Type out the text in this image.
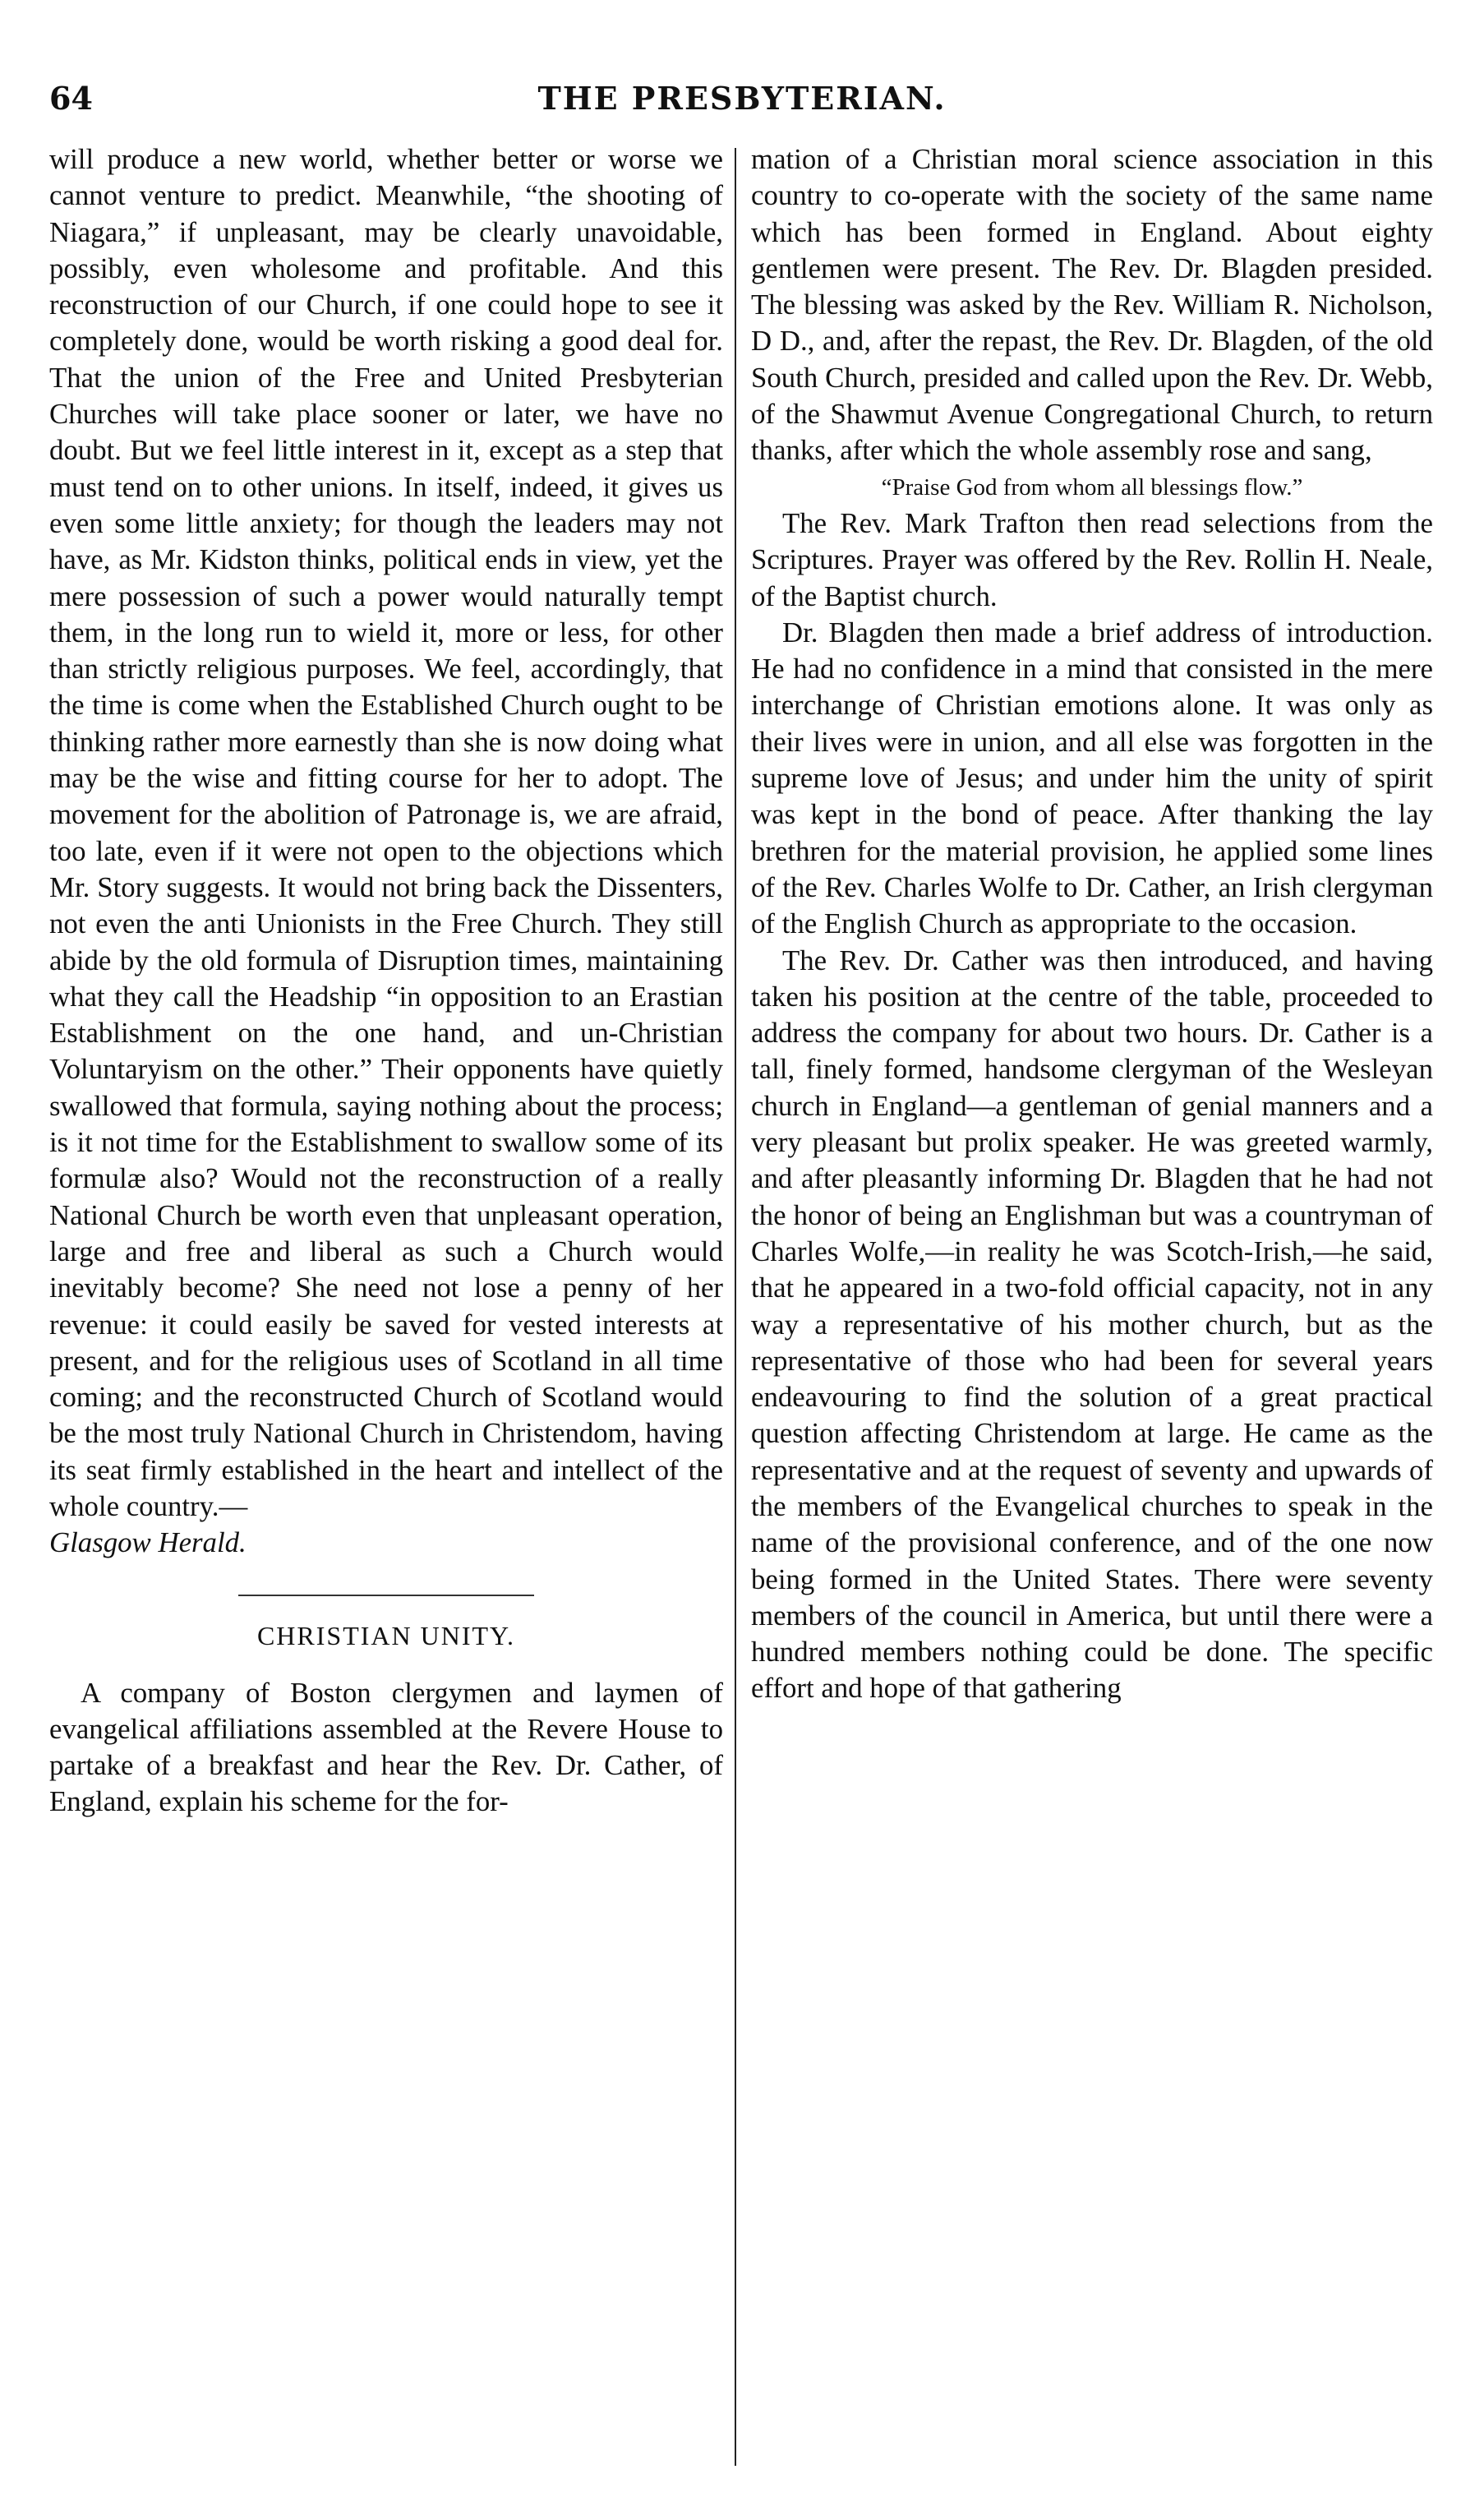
64	THE PRESBYTERIAN.

will produce a new world, whether better or worse we cannot venture to predict. Meanwhile, “the shooting of Niagara,” if unpleasant, may be clearly unavoidable, possibly, even wholesome and profitable. And this reconstruction of our Church, if one could hope to see it completely done, would be worth risking a good deal for. That the union of the Free and United Presbyterian Churches will take place sooner or later, we have no doubt. But we feel little interest in it, except as a step that must tend on to other unions. In itself, indeed, it gives us even some little anxiety; for though the leaders may not have, as Mr. Kidston thinks, political ends in view, yet the mere possession of such a power would naturally tempt them, in the long run to wield it, more or less, for other than strictly religious purposes. We feel, accordingly, that the time is come when the Established Church ought to be thinking rather more earnestly than she is now doing what may be the wise and fitting course for her to adopt. The movement for the abolition of Patronage is, we are afraid, too late, even if it were not open to the objections which Mr. Story suggests. It would not bring back the Dissenters, not even the anti Unionists in the Free Church. They still abide by the old formula of Disruption times, maintaining what they call the Headship “in opposition to an Erastian Establishment on the one hand, and un-Christian Voluntaryism on the other.” Their opponents have quietly swallowed that formula, saying nothing about the process; is it not time for the Establishment to swallow some of its formulæ also? Would not the reconstruction of a really National Church be worth even that unpleasant operation, large and free and liberal as such a Church would inevitably become? She need not lose a penny of her revenue: it could easily be saved for vested interests at present, and for the religious uses of Scotland in all time coming; and the reconstructed Church of Scotland would be the most truly National Church in Christendom, having its seat firmly established in the heart and intellect of the whole country.—

Glasgow Herald.

CHRISTIAN UNITY.

A company of Boston clergymen and laymen of evangelical affiliations assembled at the Revere House to partake of a breakfast and hear the Rev. Dr. Cather, of England, explain his scheme for the for-

mation of a Christian moral science association in this country to co-operate with the society of the same name which has been formed in England. About eighty gentlemen were present. The Rev. Dr. Blagden presided. The blessing was asked by the Rev. William R. Nicholson, D D., and, after the repast, the Rev. Dr. Blagden, of the old South Church, presided and called upon the Rev. Dr. Webb, of the Shawmut Avenue Congregational Church, to return thanks, after which the whole assembly rose and sang,

“Praise God from whom all blessings flow.”

The Rev. Mark Trafton then read selections from the Scriptures. Prayer was offered by the Rev. Rollin H. Neale, of the Baptist church.

Dr. Blagden then made a brief address of introduction. He had no confidence in a mind that consisted in the mere interchange of Christian emotions alone. It was only as their lives were in union, and all else was forgotten in the supreme love of Jesus; and under him the unity of spirit was kept in the bond of peace. After thanking the lay brethren for the material provision, he applied some lines of the Rev. Charles Wolfe to Dr. Cather, an Irish clergyman of the English Church as appropriate to the occasion.

The Rev. Dr. Cather was then introduced, and having taken his position at the centre of the table, proceeded to address the company for about two hours. Dr. Cather is a tall, finely formed, handsome clergyman of the Wesleyan church in England—a gentleman of genial manners and a very pleasant but prolix speaker. He was greeted warmly, and after pleasantly informing Dr. Blagden that he had not the honor of being an Englishman but was a countryman of Charles Wolfe,—in reality he was Scotch-Irish,—he said, that he appeared in a two-fold official capacity, not in any way a representative of his mother church, but as the representative of those who had been for several years endeavouring to find the solution of a great practical question affecting Christendom at large. He came as the representative and at the request of seventy and upwards of the members of the Evangelical churches to speak in the name of the provisional conference, and of the one now being formed in the United States. There were seventy members of the council in America, but until there were a hundred members nothing could be done. The specific effort and hope of that gathering
